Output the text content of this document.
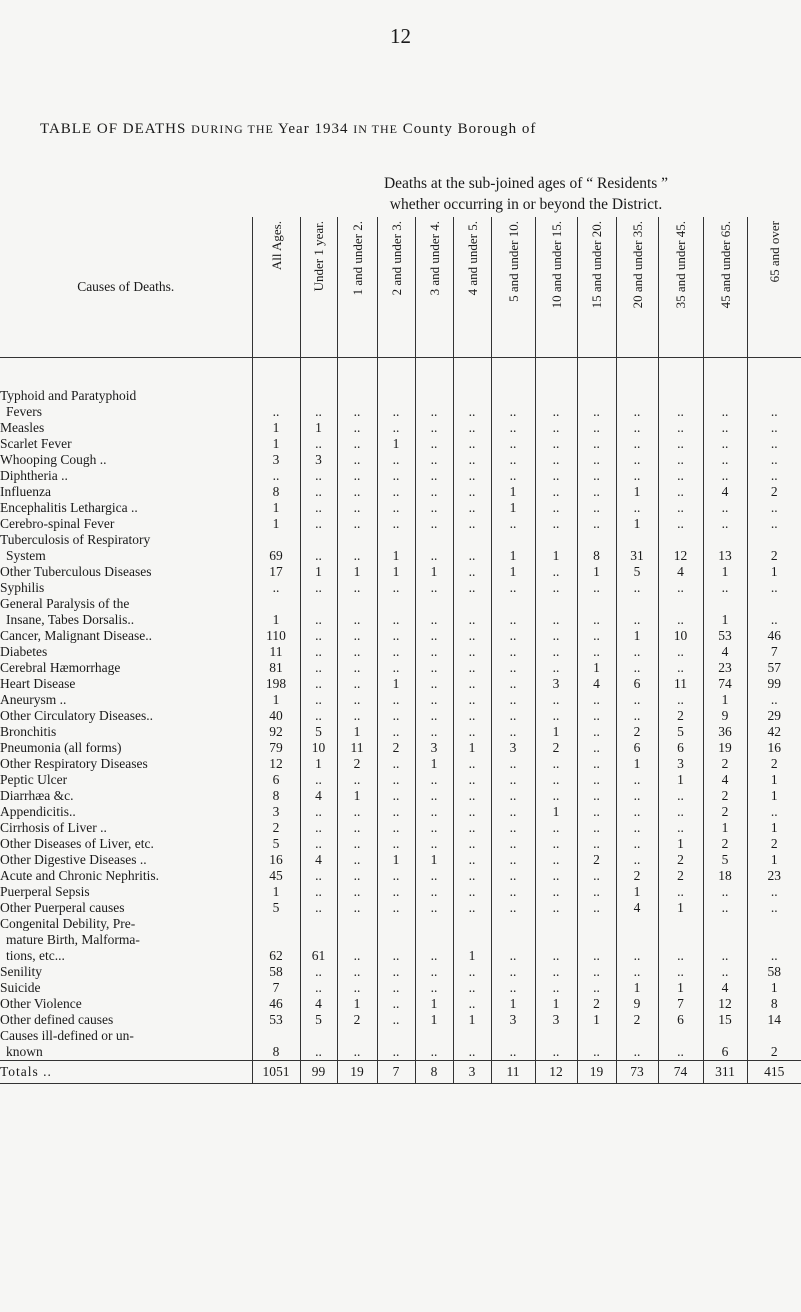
12
TABLE OF DEATHS DURING THE Year 1934 IN THE County Borough of
Deaths at the sub-joined ages of “ Residents ”
whether occurring in or beyond the District.
Causes of Deaths.	All Ages.	Under 1 year.	1 and under 2.	2 and under 3.	3 and under 4.	4 and under 5.	5 and under 10.	10 and under 15.	15 and under 20.	20 and under 35.	35 and under 45.	45 and under 65.	65 and over

Typhoid and Paratyphoid
Fevers	..	..	..	..	..	..	..	..	..	..	..	..	..

Measles	1	1	..	..	..	..	..	..	..	..	..	..	..

Scarlet Fever	1	..	..	1	..	..	..	..	..	..	..	..	..

Whooping Cough ..	3	3	..	..	..	..	..	..	..	..	..	..	..

Diphtheria ..	..	..	..	..	..	..	..	..	..	..	..	..	..

Influenza	8	..	..	..	..	..	1	..	..	1	..	4	2

Encephalitis Lethargica ..	1	..	..	..	..	..	1	..	..	..	..	..	..

Cerebro-spinal Fever	1	..	..	..	..	..	..	..	..	1	..	..	..

Tuberculosis of Respiratory
System	69	..	..	1	..	..	1	1	8	31	12	13	2

Other Tuberculous Diseases	17	1	1	1	1	..	1	..	1	5	4	1	1

Syphilis	..	..	..	..	..	..	..	..	..	..	..	..	..

General Paralysis of the
Insane, Tabes Dorsalis..	1	..	..	..	..	..	..	..	..	..	..	1	..

Cancer, Malignant Disease..	110	..	..	..	..	..	..	..	..	1	10	53	46

Diabetes	11	..	..	..	..	..	..	..	..	..	..	4	7

Cerebral Hæmorrhage	81	..	..	..	..	..	..	..	1	..	..	23	57

Heart Disease	198	..	..	1	..	..	..	3	4	6	11	74	99

Aneurysm ..	1	..	..	..	..	..	..	..	..	..	..	1	..

Other Circulatory Diseases..	40	..	..	..	..	..	..	..	..	..	2	9	29

Bronchitis	92	5	1	..	..	..	..	1	..	2	5	36	42

Pneumonia (all forms)	79	10	11	2	3	1	3	2	..	6	6	19	16

Other Respiratory Diseases	12	1	2	..	1	..	..	..	..	1	3	2	2

Peptic Ulcer	6	..	..	..	..	..	..	..	..	..	1	4	1

Diarrhæa &c.	8	4	1	..	..	..	..	..	..	..	..	2	1

Appendicitis..	3	..	..	..	..	..	..	1	..	..	..	2	..

Cirrhosis of Liver ..	2	..	..	..	..	..	..	..	..	..	..	1	1

Other Diseases of Liver, etc.	5	..	..	..	..	..	..	..	..	..	1	2	2

Other Digestive Diseases ..	16	4	..	1	1	..	..	..	2	..	2	5	1

Acute and Chronic Nephritis.	45	..	..	..	..	..	..	..	..	2	2	18	23

Puerperal Sepsis	1	..	..	..	..	..	..	..	..	1	..	..	..

Other Puerperal causes	5	..	..	..	..	..	..	..	..	4	1	..	..

Congenital Debility, Pre-
mature Birth, Malforma-
tions, etc...	62	61	..	..	..	1	..	..	..	..	..	..	..

Senility	58	..	..	..	..	..	..	..	..	..	..	..	58

Suicide	7	..	..	..	..	..	..	..	..	1	1	4	1

Other Violence	46	4	1	..	1	..	1	1	2	9	7	12	8

Other defined causes	53	5	2	..	1	1	3	3	1	2	6	15	14

Causes ill-defined or un-
known	8	..	..	..	..	..	..	..	..	..	..	6	2
Totals ..	1051	99	19	7	8	3	11	12	19	73	74	311	415
